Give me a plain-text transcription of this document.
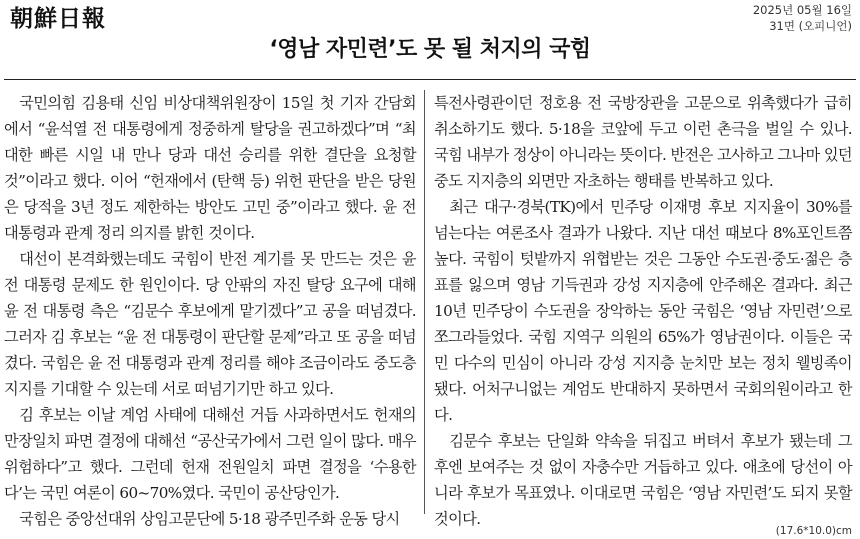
朝鮮日報	2025년 05월 16일
31면 (오피니언)
‘영남 자민련’도 못 될 처지의 국힘

국민의힘 김용태 신임 비상대책위원장이 15일 첫 기자 간담회에서 “윤석열 전 대통령에게 정중하게 탈당을 권고하겠다”며 “최대한 빠른 시일 내 만나 당과 대선 승리를 위한 결단을 요청할 것”이라고 했다. 이어 “헌재에서 (탄핵 등) 위헌 판단을 받은 당원은 당적을 3년 정도 제한하는 방안도 고민 중”이라고 했다. 윤 전 대통령과 관계 정리 의지를 밝힌 것이다.

대선이 본격화했는데도 국힘이 반전 계기를 못 만드는 것은 윤 전 대통령 문제도 한 원인이다. 당 안팎의 자진 탈당 요구에 대해 윤 전 대통령 측은 “김문수 후보에게 맡기겠다”고 공을 떠넘겼다. 그러자 김 후보는 “윤 전 대통령이 판단할 문제”라고 또 공을 떠넘겼다. 국힘은 윤 전 대통령과 관계 정리를 해야 조금이라도 중도층 지지를 기대할 수 있는데 서로 떠넘기기만 하고 있다.

김 후보는 이날 계엄 사태에 대해선 거듭 사과하면서도 헌재의 만장일치 파면 결정에 대해선 “공산국가에서 그런 일이 많다. 매우 위험하다”고 했다. 그런데 헌재 전원일치 파면 결정을 ‘수용한다’는 국민 여론이 60~70%였다. 국민이 공산당인가.

국힘은 중앙선대위 상임고문단에 5·18 광주민주화 운동 당시

특전사령관이던 정호용 전 국방장관을 고문으로 위촉했다가 급히 취소하기도 했다. 5·18을 코앞에 두고 이런 촌극을 벌일 수 있나. 국힘 내부가 정상이 아니라는 뜻이다. 반전은 고사하고 그나마 있던 중도 지지층의 외면만 자초하는 행태를 반복하고 있다.

최근 대구·경북(TK)에서 민주당 이재명 후보 지지율이 30%를 넘는다는 여론조사 결과가 나왔다. 지난 대선 때보다 8%포인트쯤 높다. 국힘이 텃밭까지 위협받는 것은 그동안 수도권·중도·젊은 층 표를 잃으며 영남 기득권과 강성 지지층에 안주해온 결과다. 최근 10년 민주당이 수도권을 장악하는 동안 국힘은 ‘영남 자민련’으로 쪼그라들었다. 국힘 지역구 의원의 65%가 영남권이다. 이들은 국민 다수의 민심이 아니라 강성 지지층 눈치만 보는 정치 웰빙족이 됐다. 어처구니없는 계엄도 반대하지 못하면서 국회의원이라고 한다.

김문수 후보는 단일화 약속을 뒤집고 버텨서 후보가 됐는데 그 후엔 보여주는 것 없이 자충수만 거듭하고 있다. 애초에 당선이 아니라 후보가 목표였나. 이대로면 국힘은 ‘영남 자민련’도 되지 못할 것이다.

(17.6*10.0)cm
